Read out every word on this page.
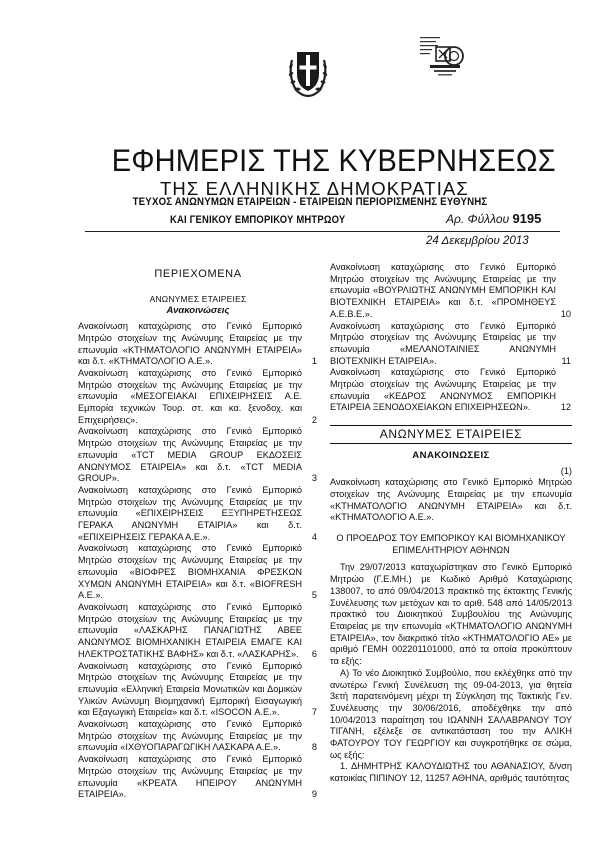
ΕΦΗΜΕΡΙΣ ΤΗΣ ΚΥΒΕΡΝΗΣΕΩΣ
ΤΗΣ ΕΛΛΗΝΙΚΗΣ ΔΗΜΟΚΡΑΤΙΑΣ
ΤΕΥΧΟΣ ΑΝΩΝΥΜΩΝ ΕΤΑΙΡΕΙΩΝ - ΕΤΑΙΡΕΙΩΝ ΠΕΡΙΟΡΙΣΜΕΝΗΣ ΕΥΘΥΝΗΣ
ΚΑΙ ΓΕΝΙΚΟΥ ΕΜΠΟΡΙΚΟΥ ΜΗΤΡΩΟΥ	Αρ. Φύλλου 9195
24 Δεκεμβρίου 2013
ΠΕΡΙΕΧΟΜΕΝΑ
ΑΝΩΝΥΜΕΣ ΕΤΑΙΡΕΙΕΣ
Ανακοινώσεις
Ανακοίνωση καταχώρισης στο Γενικό Εμπορικό Μητρώο στοιχείων της Ανώνυμης Εταιρείας με την επωνυμία «ΚΤΗΜΑΤΟΛΟΓΙΟ ΑΝΩΝΥΜΗ ΕΤΑΙΡΕΙΑ» και δ.τ. «ΚΤΗΜΑΤΟΛΟΓΙΟ Α.Ε.».	1
Ανακοίνωση καταχώρισης στο Γενικό Εμπορικό Μητρώο στοιχείων της Ανώνυμης Εταιρείας με την επωνυμία «ΜΕΣΟΓΕΙΑΚΑΙ ΕΠΙΧΕΙΡΗΣΕΙΣ Α.Ε. Εμπορία τεχνικών Τουρ. στ. και κα. ξενοδοχ. και Επιχειρήσεις».	2
Ανακοίνωση καταχώρισης στο Γενικό Εμπορικό Μητρώο στοιχείων της Ανώνυμης Εταιρείας με την επωνυμία «TCT MEDIA GROUP ΕΚΔΟΣΕΙΣ ΑΝΩΝΥΜΟΣ ΕΤΑΙΡΕΙΑ» και δ.τ. «TCT MEDIA GROUP».	3
Ανακοίνωση καταχώρισης στο Γενικό Εμπορικό Μητρώο στοιχείων της Ανώνυμης Εταιρείας με την επωνυμία «ΕΠΙΧΕΙΡΗΣΕΙΣ ΕΞΥΠΗΡΕΤΗΣΕΩΣ ΓΕΡΑΚΑ ΑΝΩΝΥΜΗ ΕΤΑΙΡΙΑ» και δ.τ. «ΕΠΙΧΕΙΡΗΣΕΙΣ ΓΕΡΑΚΑ Α.Ε.».	4
Ανακοίνωση καταχώρισης στο Γενικό Εμπορικό Μητρώο στοιχείων της Ανώνυμης Εταιρείας με την επωνυμία «ΒΙΟΦΡΕΣ ΒΙΟΜΗΧΑΝΙΑ ΦΡΕΣΚΩΝ ΧΥΜΩΝ ΑΝΩΝΥΜΗ ΕΤΑΙΡΕΙΑ» και δ.τ. «BIOFRESH Α.Ε.».	5
Ανακοίνωση καταχώρισης στο Γενικό Εμπορικό Μητρώο στοιχείων της Ανώνυμης Εταιρείας με την επωνυμία «ΛΑΣΚΑΡΗΣ ΠΑΝΑΓΙΩΤΗΣ ΑΒΕΕ ΑΝΩΝΥΜΟΣ ΒΙΟΜΗΧΑΝΙΚΗ ΕΤΑΙΡΕΙΑ ΕΜΑΓΕ ΚΑΙ ΗΛΕΚΤΡΟΣΤΑΤΙΚΗΣ ΒΑΦΗΣ» και δ.τ. «ΛΑΣΚΑΡΗΣ». 6
Ανακοίνωση καταχώρισης στο Γενικό Εμπορικό Μητρώο στοιχείων της Ανώνυμης Εταιρείας με την επωνυμία «Ελληνική Εταιρεία Μονωτικών και Δομικών Υλικών Ανώνυμη Βιομηχανική Εμπορική Εισαγωγική και Εξαγωγική Εταιρεία» και δ.τ. «ISOCON Α.Ε.».	7
Ανακοίνωση καταχώρισης στο Γενικό Εμπορικό Μητρώο στοιχείων της Ανώνυμης Εταιρείας με την επωνυμία «ΙΧΘΥΟΠΑΡΑΓΩΓΙΚΗ ΛΑΣΚΑΡΑ Α.Ε.».	8
Ανακοίνωση καταχώρισης στο Γενικό Εμπορικό Μητρώο στοιχείων της Ανώνυμης Εταιρείας με την επωνυμία «ΚΡΕΑΤΑ ΗΠΕΙΡΟΥ ΑΝΩΝΥΜΗ ΕΤΑΙΡΕΙΑ».	9
Ανακοίνωση καταχώρισης στο Γενικό Εμπορικό Μητρώο στοιχείων της Ανώνυμης Εταιρείας με την επωνυμία «ΒΟΥΡΛΙΩΤΗΣ ΑΝΩΝΥΜΗ ΕΜΠΟΡΙΚΗ ΚΑΙ ΒΙΟΤΕΧΝΙΚΗ ΕΤΑΙΡΕΙΑ» και δ.τ. «ΠΡΟΜΗΘΕΥΣ Α.Ε.Β.Ε.».	10
Ανακοίνωση καταχώρισης στο Γενικό Εμπορικό Μητρώο στοιχείων της Ανώνυμης Εταιρείας με την επωνυμία «ΜΕΛΑΝΟΤΑΙΝΙΕΣ ΑΝΩΝΥΜΗ ΒΙΟΤΕΧΝΙΚΗ ΕΤΑΙΡΕΙΑ».	11
Ανακοίνωση καταχώρισης στο Γενικό Εμπορικό Μητρώο στοιχείων της Ανώνυμης Εταιρείας με την επωνυμία «ΚΕΔΡΟΣ ΑΝΩΝΥΜΟΣ ΕΜΠΟΡΙΚΗ ΕΤΑΙΡΕΙΑ ΞΕΝΟΔΟΧΕΙΑΚΩΝ ΕΠΙΧΕΙΡΗΣΕΩΝ».	12
ΑΝΩΝΥΜΕΣ ΕΤΑΙΡΕΙΕΣ
ΑΝΑΚΟΙΝΩΣΕΙΣ
(1)
Ανακοίνωση καταχώρισης στο Γενικό Εμπορικό Μητρώο στοιχείων της Ανώνυμης Εταιρείας με την επωνυμία «ΚΤΗΜΑΤΟΛΟΓΙΟ ΑΝΩΝΥΜΗ ΕΤΑΙΡΕΙΑ» και δ.τ. «ΚΤΗΜΑΤΟΛΟΓΙΟ Α.Ε.».
Ο ΠΡΟΕΔΡΟΣ ΤΟΥ ΕΜΠΟΡΙΚΟΥ ΚΑΙ ΒΙΟΜΗΧΑΝΙΚΟΥ ΕΠΙΜΕΛΗΤΗΡΙΟΥ ΑΘΗΝΩΝ
Την 29/07/2013 καταχωρίστηκαν στο Γενικό Εμπορικό Μητρώο (Γ.Ε.ΜΗ.) με Κωδικό Αριθμό Καταχώρισης 138007, το από 09/04/2013 πρακτικό της έκτακτης Γενικής Συνέλευσης των μετόχων και το αριθ. 548 από 14/05/2013 πρακτικό του Διοικητικού Συμβουλίου της Ανώνυμης Εταιρείας με την επωνυμία «ΚΤΗΜΑΤΟΛΟΓΙΟ ΑΝΩΝΥΜΗ ΕΤΑΙΡΕΙΑ», τον διακριτικό τίτλο «ΚΤΗΜΑΤΟΛΟΓΙΟ ΑΕ» με αριθμό ΓΕΜΗ 002201101000, από τα οποία προκύπτουν τα εξής:
Α) Το νέο Διοικητικό Συμβούλιο, που εκλέχθηκε από την ανωτέρω Γενική Συνέλευση της 09-04-2013, για θητεία 3ετή παρατεινόμενη μέχρι τη Σύγκληση της Τακτικής Γεν. Συνέλευσης την 30/06/2016, αποδέχθηκε την από 10/04/2013 παραίτηση του ΙΩΑΝΝΗ ΣΑΛΑΒΡΑΝΟΥ ΤΟΥ ΤΙΓΑΝΗ, εξέλεξε σε αντικατάσταση του την ΑΛΙΚΗ ΦΑΤΟΥΡΟΥ ΤΟΥ ΓΕΩΡΓΙΟΥ και συγκροτήθηκε σε σώμα, ως εξής:
1. ΔΗΜΗΤΡΗΣ ΚΑΛΟΥΔΙΩΤΗΣ του ΑΘΑΝΑΣΙΟΥ, δ/νση κατοικίας ΠΙΠΙΝΟΥ 12, 11257 ΑΘΗΝΑ, αριθμός ταυτότητας
